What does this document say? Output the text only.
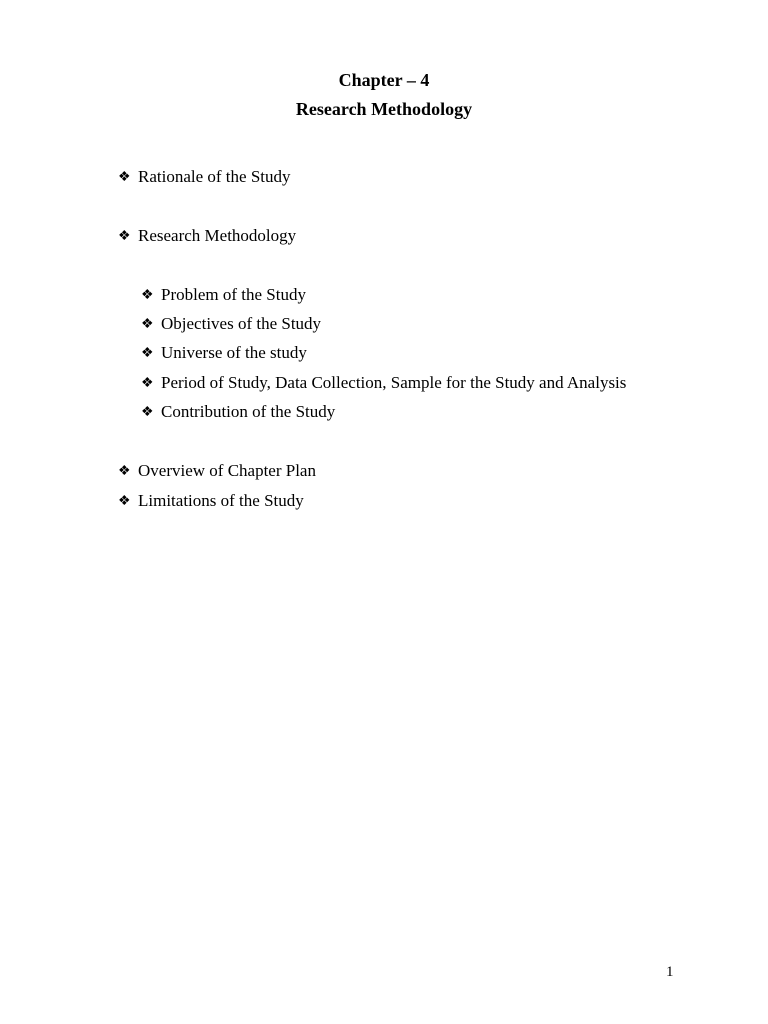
Chapter – 4
Research Methodology
❖ Rationale of the Study
❖ Research Methodology
❖ Problem of the Study
❖ Objectives of the Study
❖ Universe of the study
❖ Period of Study, Data Collection, Sample for the Study and Analysis
❖ Contribution of the Study
❖ Overview of Chapter Plan
❖ Limitations of the Study
1
